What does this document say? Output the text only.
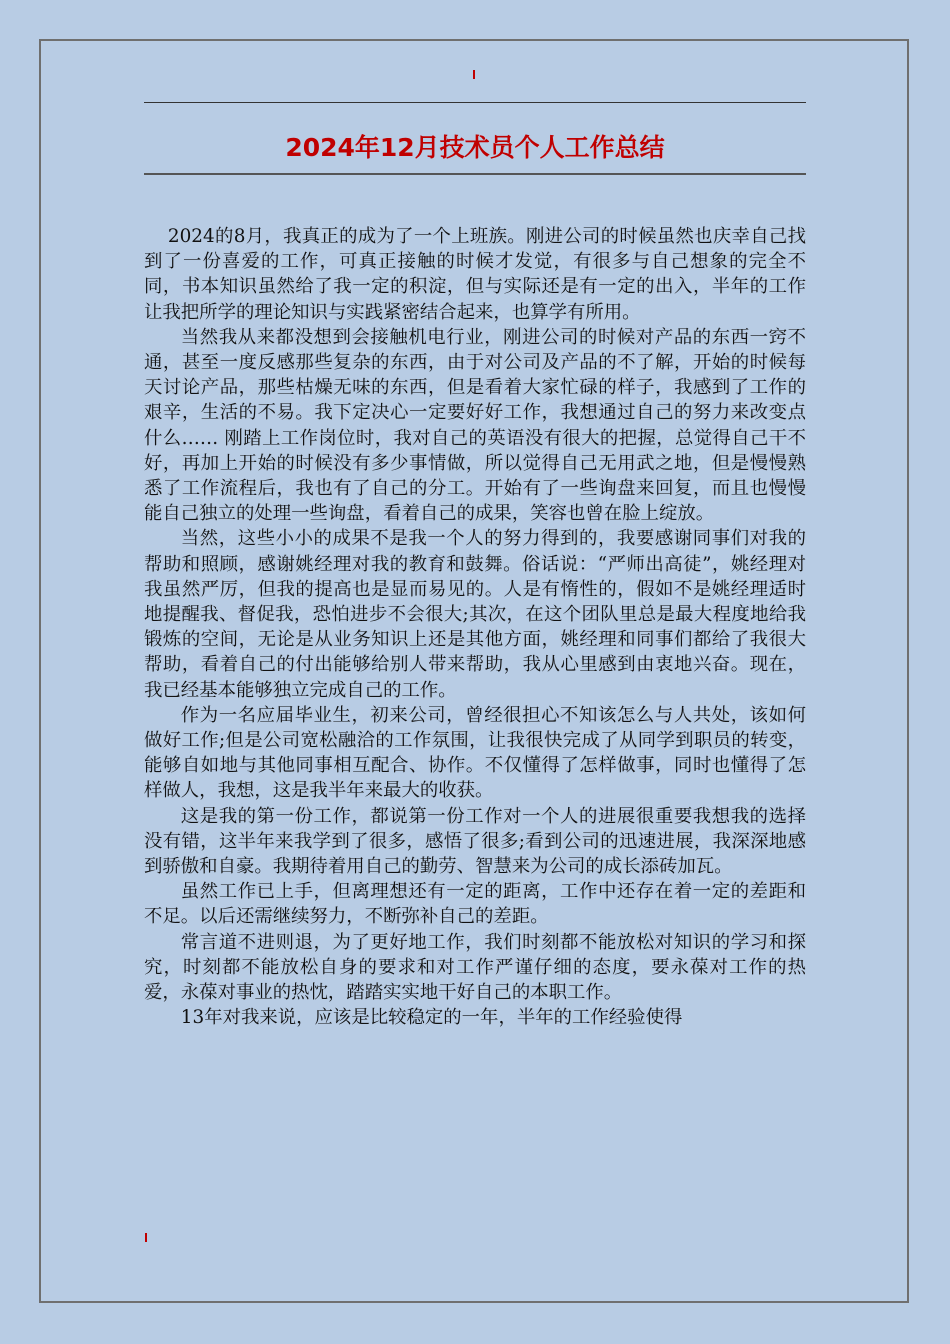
2024年12月技术员个人工作总结

2024的8月，我真正的成为了一个上班族。刚进公司的时候虽然也庆幸自己找到了一份喜爱的工作，可真正接触的时候才发觉，有很多与自己想象的完全不同，书本知识虽然给了我一定的积淀，但与实际还是有一定的出入，半年的工作让我把所学的理论知识与实践紧密结合起来，也算学有所用。

当然我从来都没想到会接触机电行业，刚进公司的时候对产品的东西一窍不通，甚至一度反感那些复杂的东西，由于对公司及产品的不了解，开始的时候每天讨论产品，那些枯燥无味的东西，但是看着大家忙碌的样子，我感到了工作的艰辛，生活的不易。我下定决心一定要好好工作，我想通过自己的努力来改变点什么…… 刚踏上工作岗位时，我对自己的英语没有很大的把握，总觉得自己干不好，再加上开始的时候没有多少事情做，所以觉得自己无用武之地，但是慢慢熟悉了工作流程后，我也有了自己的分工。开始有了一些询盘来回复，而且也慢慢能自己独立的处理一些询盘，看着自己的成果，笑容也曾在脸上绽放。

当然，这些小小的成果不是我一个人的努力得到的，我要感谢同事们对我的帮助和照顾，感谢姚经理对我的教育和鼓舞。俗话说：“严师出高徒”，姚经理对我虽然严厉，但我的提高也是显而易见的。人是有惰性的，假如不是姚经理适时地提醒我、督促我，恐怕进步不会很大;其次，在这个团队里总是最大程度地给我锻炼的空间，无论是从业务知识上还是其他方面，姚经理和同事们都给了我很大帮助，看着自己的付出能够给别人带来帮助，我从心里感到由衷地兴奋。现在，我已经基本能够独立完成自己的工作。

作为一名应届毕业生，初来公司，曾经很担心不知该怎么与人共处，该如何做好工作;但是公司宽松融洽的工作氛围，让我很快完成了从同学到职员的转变，能够自如地与其他同事相互配合、协作。不仅懂得了怎样做事，同时也懂得了怎样做人，我想，这是我半年来最大的收获。

这是我的第一份工作，都说第一份工作对一个人的进展很重要我想我的选择没有错，这半年来我学到了很多，感悟了很多;看到公司的迅速进展，我深深地感到骄傲和自豪。我期待着用自己的勤劳、智慧来为公司的成长添砖加瓦。

虽然工作已上手，但离理想还有一定的距离，工作中还存在着一定的差距和不足。以后还需继续努力，不断弥补自己的差距。

常言道不进则退，为了更好地工作，我们时刻都不能放松对知识的学习和探究，时刻都不能放松自身的要求和对工作严谨仔细的态度，要永葆对工作的热爱，永葆对事业的热忱，踏踏实实地干好自己的本职工作。

13年对我来说，应该是比较稳定的一年，半年的工作经验使得
